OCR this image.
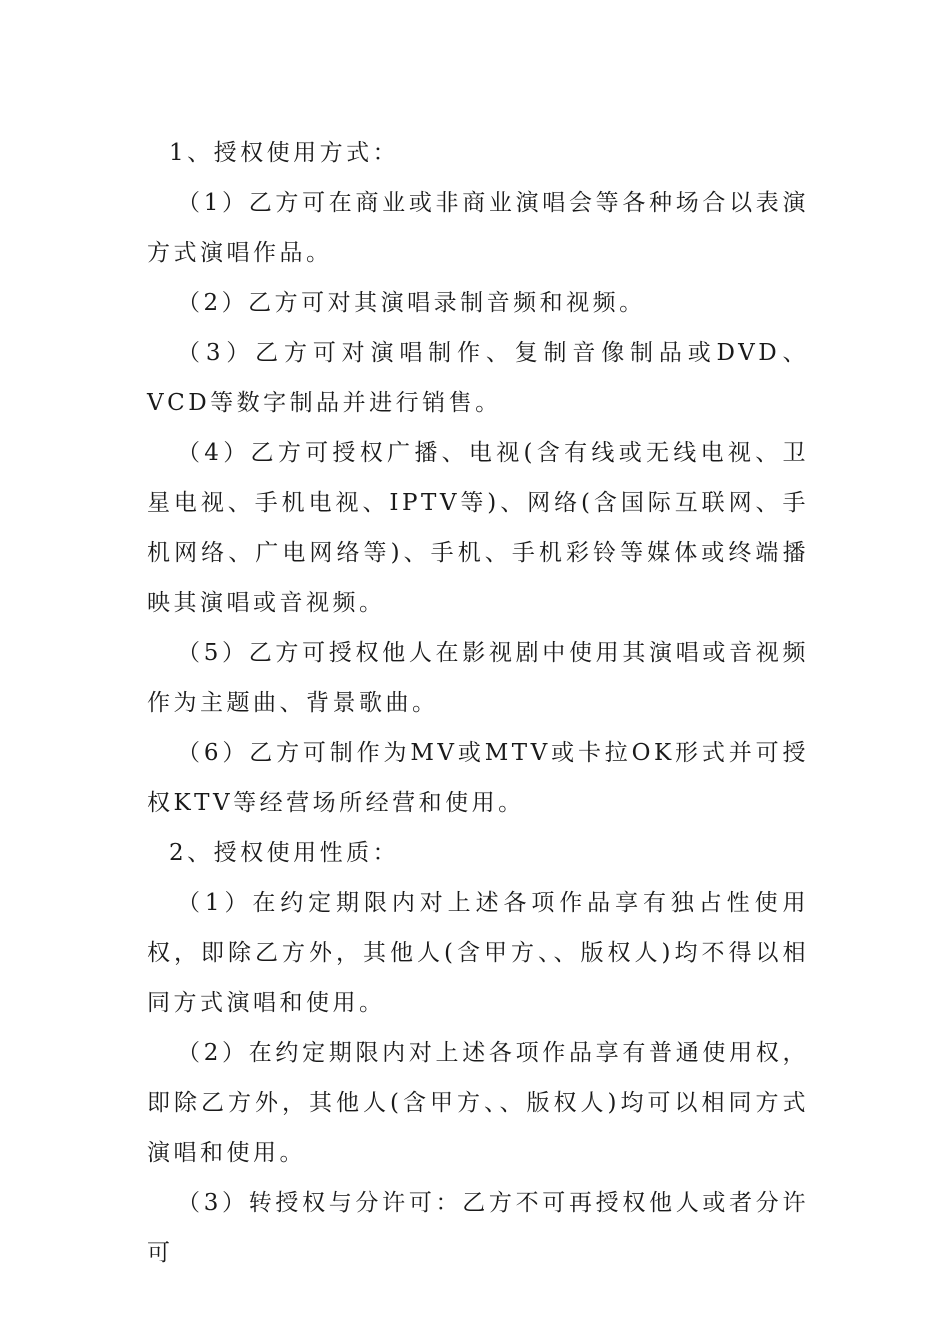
1、授权使用方式：

（1）乙方可在商业或非商业演唱会等各种场合以表演方式演唱作品。

（2）乙方可对其演唱录制音频和视频。

（3）乙方可对演唱制作、复制音像制品或DVD、VCD等数字制品并进行销售。

（4）乙方可授权广播、电视(含有线或无线电视、卫星电视、手机电视、IPTV等)、网络(含国际互联网、手机网络、广电网络等)、手机、手机彩铃等媒体或终端播映其演唱或音视频。

（5）乙方可授权他人在影视剧中使用其演唱或音视频作为主题曲、背景歌曲。

（6）乙方可制作为MV或MTV或卡拉OK形式并可授权KTV等经营场所经营和使用。

2、授权使用性质：

（1）在约定期限内对上述各项作品享有独占性使用权，即除乙方外，其他人(含甲方、、版权人)均不得以相同方式演唱和使用。

（2）在约定期限内对上述各项作品享有普通使用权，即除乙方外，其他人(含甲方、、版权人)均可以相同方式演唱和使用。

（3）转授权与分许可：乙方不可再授权他人或者分许可
